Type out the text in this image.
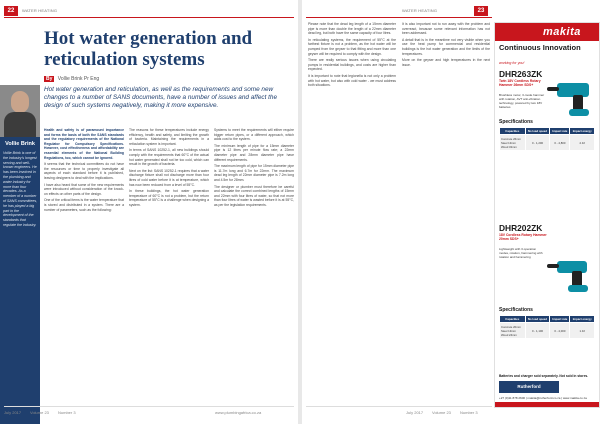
22	WATER HEATING
Hot water generation and reticulation systems
By Vollie Brink Pr Eng

Hot water generation and reticulation, as well as the requirements and some new changes to a number of SANS documents, have a number of issues and affect the design of such systems negatively, making it more expensive.

Vollie Brink
Vollie Brink is one of the industry's longest serving and well-known engineers. He has been involved in the plumbing and water industry for more than four decades. As a member of a number of SANS committees, he has played a big part in the development of the standards that regulate the industry.

Health and safety is of paramount importance and forms the basis of both the SANS standards and the regulatory requirements of the National Regulator for Compulsory Specifications. However, cost effectiveness and affordability are essential elements of the National Building Regulations, too, which cannot be ignored.

It seems that the technical committees do not have the resources or time to properly investigate all aspects of each standard before it is published, leaving designers to deal with the implications.

I have also heard that some of the new requirements were introduced without consideration of the knock-on effects on other parts of the design.

One of the critical items is the water temperature that is stored and distributed in a system. There are a number of parameters, such as the following:

The reasons for these temperatures include energy efficiency, health and safety, and limiting the growth of bacteria. Maintaining the requirements in a reticulation system is important.

In terms of SANS 10252-1, all new buildings should comply with the requirements that 60°C of the actual hot water generated shall not be too cold, which can result in the growth of bacteria.

Next on the list: SANS 10252-1 requires that a water discharge fixture shall not discharge more than four litres of cold water before it is at temperature, which has now been reduced from a level of 55°C.

In these buildings, the hot water generation temperature of 60°C is not a problem, but the return temperature of 55°C is a challenge when designing a system.

Systems to meet the requirements will either require bigger return pipes, or a different approach, which adds cost to the system.

The minimum length of pipe for a 15mm diameter pipe is 12 litres per minute flow rate; a 22mm diameter pipe and 28mm diameter pipe have different requirements.

The maximum length of pipe for 15mm diameter pipe is 11.7m long and 6.7m for 22mm. The maximum dead leg length of 22mm diameter pipe is 7.2m long and 4.5m for 28mm.

The designer or plumber must therefore be careful and calculate the correct combined lengths of 15mm and 22mm with four litres of water, so that not more than four litres of water is wasted before it is at 55°C, as per the legislation requirements.

July 2017 Volume 23 Number 3	www.plumbingafrica.co.za
WATER HEATING	23

Please note that the dead leg length of a 15mm diameter pipe is more than double the length of a 22mm diameter dead leg, but both have the same capacity of four litres.

In reticulating systems, the requirement of 55°C at the farthest fixture is not a problem, as the hot water will be pumped from the geyser to that fitting and more than one geyser will be required to comply with the design.

There are really serious issues when using circulating pumps in residential buildings, and costs are higher than expected.

It is important to note that legionella is not only a problem with hot water, but also with cold water - we must address both situations.

It is also important not to run away with the problem and overreact, because some relevant information has not been addressed.

A detail that is in the meantime not very visible when you use the heat pump for commercial and residential buildings is the hot water generation and the limits of the temperatures.

More on the geyser and high temperatures in the next issue.

July 2017 Volume 23 Number 3
makita
Continuous Innovation
working for you!
DHR263ZK
Twin 18V Cordless Rotary Hammer 26mm SDS+
Brushless motor, 3-mode hammer with rotation, AVT anti-vibration technology, powered by two 18V batteries
Specifications
Capacities	No load speed	Impact rate	Impact energy

Concrete 26mm
Steel 13mm
Wood 32mm	0 - 1,200	0 - 4,800	2.9J
DHR202ZK
18V Cordless Rotary Hammer 20mm SDS+
Lightweight with 3 operation modes, rotation, hammering with rotation and hammering
Specifications
Capacities	No load speed	Impact rate	Impact energy

Concrete 20mm
Steel 13mm
Wood 24mm	0 - 1,100	0 - 4,000	1.9J
Batteries and charger sold separately. Not sold in stores.
Rutherford
+27 (0)11 878 2600 | makita@rutherford.co.za | www.makita.co.za
